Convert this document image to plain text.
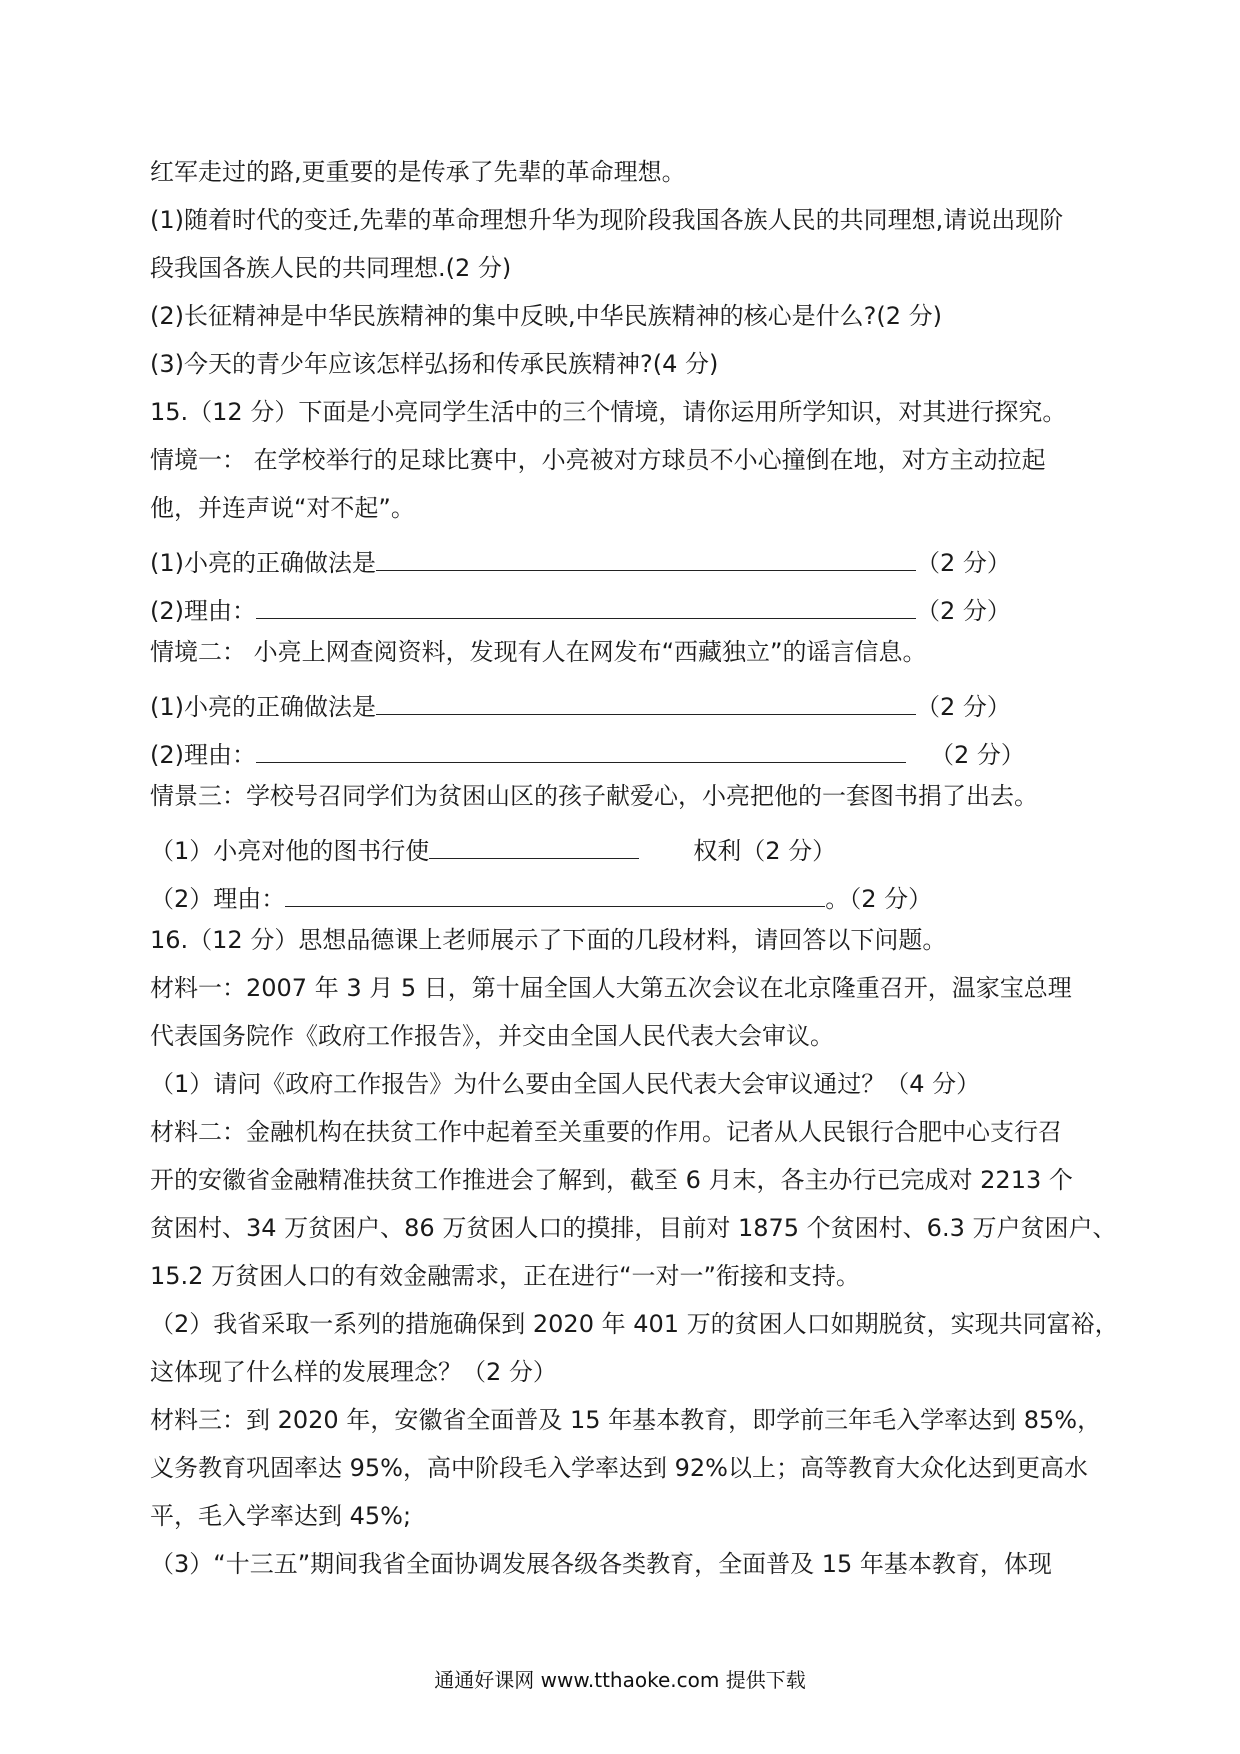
红军走过的路,更重要的是传承了先辈的革命理想。
(1)随着时代的变迁,先辈的革命理想升华为现阶段我国各族人民的共同理想,请说出现阶
段我国各族人民的共同理想.(2 分)
(2)长征精神是中华民族精神的集中反映,中华民族精神的核心是什么?(2 分)
(3)今天的青少年应该怎样弘扬和传承民族精神?(4 分)
15.（12 分）下面是小亮同学生活中的三个情境，请你运用所学知识，对其进行探究。
情境一： 在学校举行的足球比赛中，小亮被对方球员不小心撞倒在地，对方主动拉起
他，并连声说“对不起”。
(1)小亮的正确做法是	（2 分）
(2)理由：	（2 分）
情境二： 小亮上网查阅资料，发现有人在网发布“西藏独立”的谣言信息。
(1)小亮的正确做法是	（2 分）
(2)理由：	（2 分）
情景三：学校号召同学们为贫困山区的孩子献爱心，小亮把他的一套图书捐了出去。
（1）小亮对他的图书行使	权利（2 分）
（2）理由：	。（2 分）
16.（12 分）思想品德课上老师展示了下面的几段材料，请回答以下问题。
材料一：2007 年 3 月 5 日，第十届全国人大第五次会议在北京隆重召开，温家宝总理
代表国务院作《政府工作报告》，并交由全国人民代表大会审议。
（1）请问《政府工作报告》为什么要由全国人民代表大会审议通过？（4 分）
材料二：金融机构在扶贫工作中起着至关重要的作用。记者从人民银行合肥中心支行召
开的安徽省金融精准扶贫工作推进会了解到，截至 6 月末，各主办行已完成对 2213 个
贫困村、34 万贫困户、86 万贫困人口的摸排，目前对 1875 个贫困村、6.3 万户贫困户、
15.2 万贫困人口的有效金融需求，正在进行“一对一”衔接和支持。
（2）我省采取一系列的措施确保到 2020 年 401 万的贫困人口如期脱贫，实现共同富裕，
这体现了什么样的发展理念？（2 分）
材料三：到 2020 年，安徽省全面普及 15 年基本教育，即学前三年毛入学率达到 85%，
义务教育巩固率达 95%，高中阶段毛入学率达到 92%以上；高等教育大众化达到更高水
平，毛入学率达到 45%;
（3）“十三五”期间我省全面协调发展各级各类教育，全面普及 15 年基本教育，体现
通通好课网 www.tthaoke.com 提供下载
